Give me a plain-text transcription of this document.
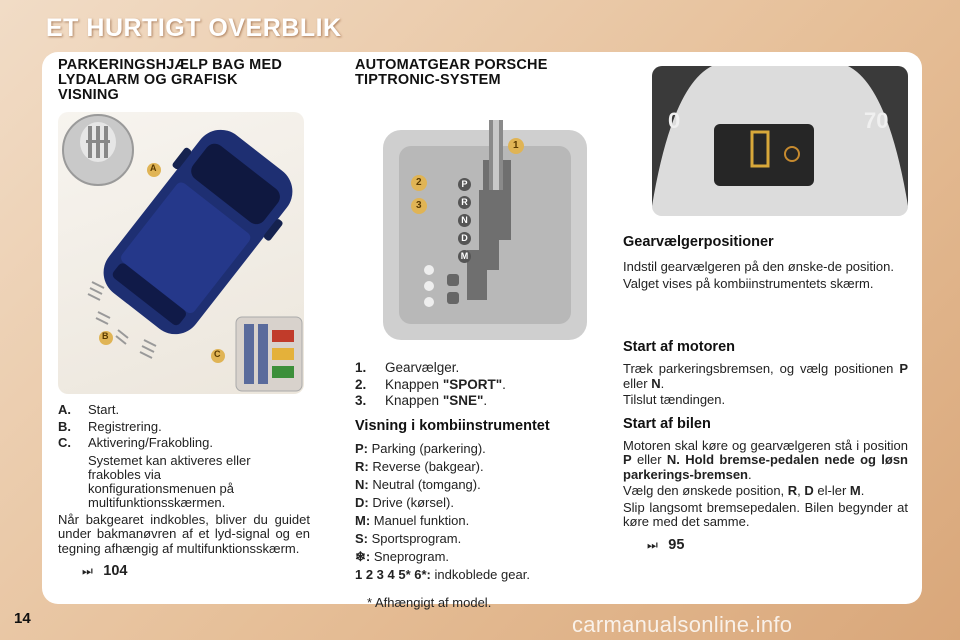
ET HURTIGT OVERBLIK
PARKERINGSHJÆLP BAG MED LYDALARM OG GRAFISK VISNING
A
B
C
A.	Start.
B.	Registrering.
C.	Aktivering/Frakobling.
Systemet kan aktiveres eller frakobles via konfigurationsmenuen på multifunktionsskærmen.
Når bakgearet indkobles, bliver du guidet under bakmanøvren af et lyd-signal og en tegning afhængig af multifunktionsskærm.
⏭ 104
AUTOMATGEAR PORSCHE TIPTRONIC-SYSTEM
1
2
3
P
R
N
D
M
1.	Gearvælger.
2.	Knappen "SPORT".
3.	Knappen "SNE".
Visning i kombiinstrumentet
P: Parking (parkering).
R: Reverse (bakgear).
N: Neutral (tomgang).
D: Drive (kørsel).
M: Manuel funktion.
S: Sportsprogram.
❄: Sneprogram.
1 2 3 4 5* 6*: indkoblede gear.
* Afhængigt af model.
0	70
Gearvælgerpositioner
Indstil gearvælgeren på den ønske-de position.
Valget vises på kombiinstrumentets skærm.
Start af motoren
Træk parkeringsbremsen, og vælg positionen P eller N.
Tilslut tændingen.
Start af bilen
Motoren skal køre og gearvælgeren stå i position P eller N. Hold bremse-pedalen nede og løsn parkerings-bremsen.
Vælg den ønskede position, R, D el-ler M.
Slip langsomt bremsepedalen. Bilen begynder at køre med det samme.
⏭ 95
14	carmanualsonline.info
